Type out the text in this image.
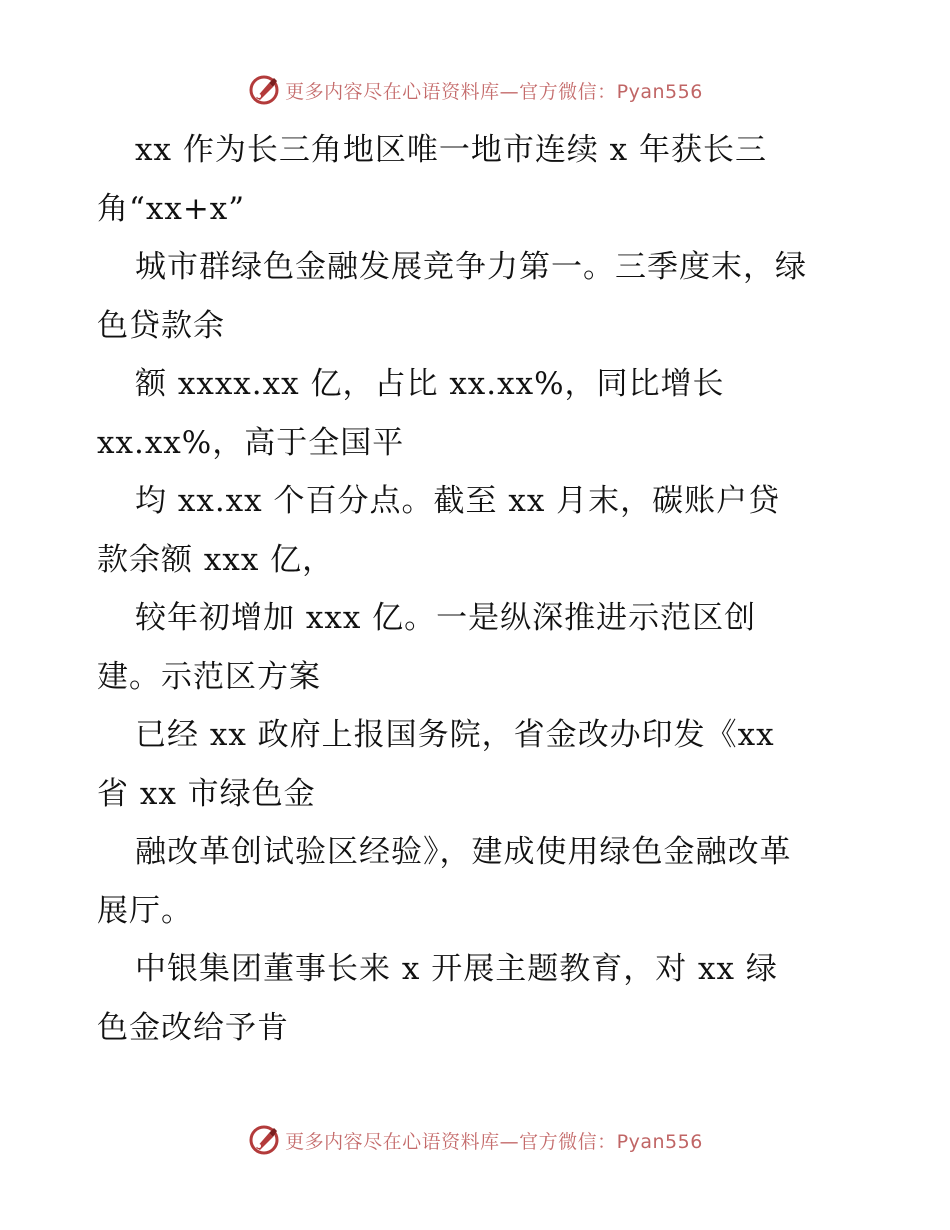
更多内容尽在心语资料库—官方微信：Pyan556
xx 作为长三角地区唯一地市连续 x 年获长三
角“xx+x”
城市群绿色金融发展竞争力第一。三季度末，绿
色贷款余
额 xxxx.xx 亿，占比 xx.xx%，同比增长
xx.xx%，高于全国平
均 xx.xx 个百分点。截至 xx 月末，碳账户贷
款余额 xxx 亿，
较年初增加 xxx 亿。一是纵深推进示范区创
建。示范区方案
已经 xx 政府上报国务院，省金改办印发《xx
省 xx 市绿色金
融改革创试验区经验》，建成使用绿色金融改革
展厅。
中银集团董事长来 x 开展主题教育，对 xx 绿
色金改给予肯
更多内容尽在心语资料库—官方微信：Pyan556
